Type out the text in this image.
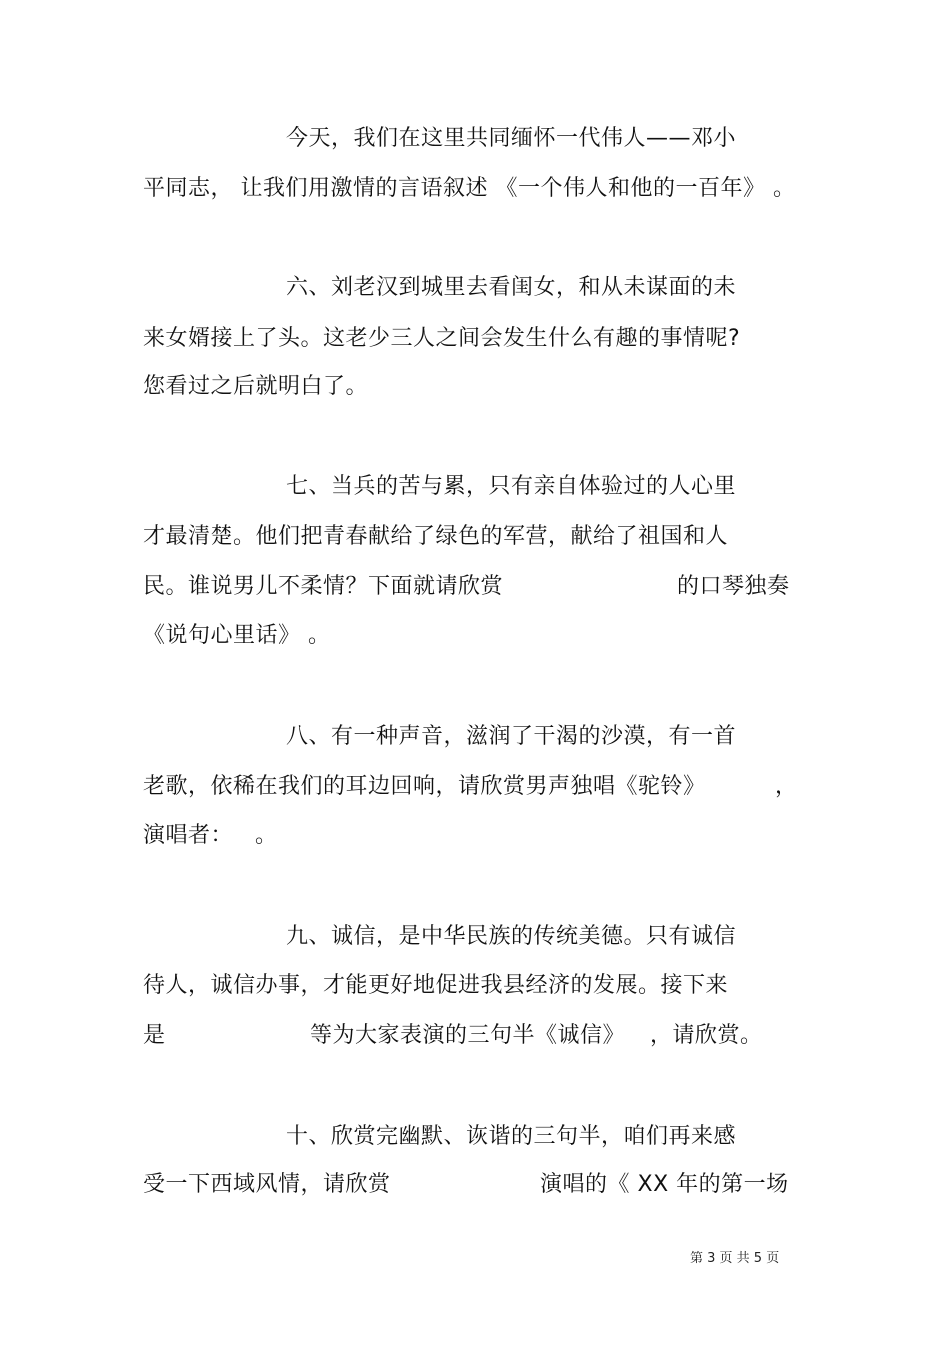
今天，我们在这里共同缅怀一代伟人——邓小
平同志， 让我们用激情的言语叙述 《一个伟人和他的一百年》 。
六、刘老汉到城里去看闺女，和从未谋面的未
来女婿接上了头。这老少三人之间会发生什么有趣的事情呢?
您看过之后就明白了。
七、当兵的苦与累，只有亲自体验过的人心里
才最清楚。他们把青春献给了绿色的军营，献给了祖国和人
民。谁说男儿不柔情？下面就请欣赏	的口琴独奏
《说句心里话》 。
八、有一种声音，滋润了干渴的沙漠，有一首
老歌，依稀在我们的耳边回响，请欣赏男声独唱《驼铃》	，
演唱者： 。
九、诚信，是中华民族的传统美德。只有诚信
待人，诚信办事，才能更好地促进我县经济的发展。接下来
是	等为大家表演的三句半《诚信》 ，请欣赏。
十、欣赏完幽默、诙谐的三句半，咱们再来感
受一下西域风情，请欣赏	演唱的《 XX 年的第一场
第 3 页 共 5 页
